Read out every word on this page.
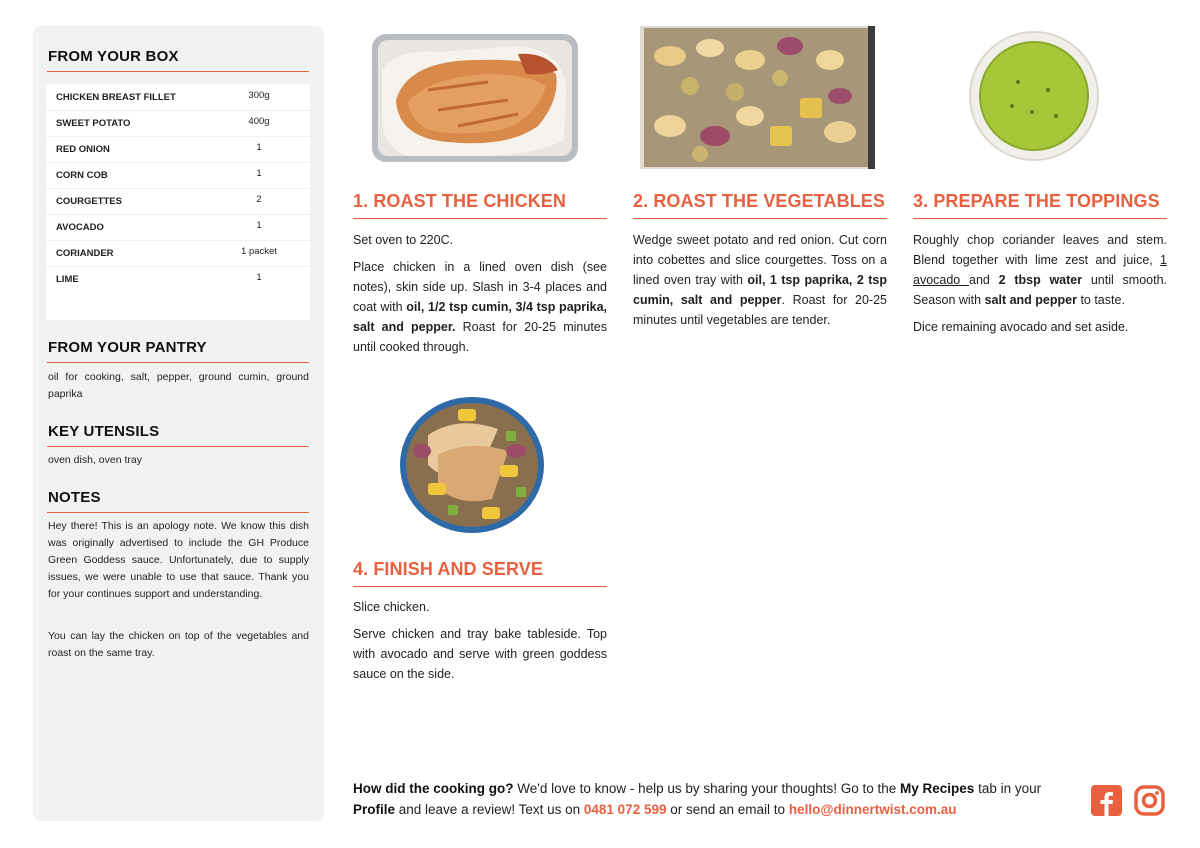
FROM YOUR BOX
CHICKEN BREAST FILLET	300g
SWEET POTATO	400g
RED ONION	1
CORN COB	1
COURGETTES	2
AVOCADO	1
CORIANDER	1 packet
LIME	1
FROM YOUR PANTRY
oil for cooking, salt, pepper, ground cumin, ground paprika
KEY UTENSILS
oven dish, oven tray
NOTES
Hey there! This is an apology note. We know this dish was originally advertised to include the GH Produce Green Goddess sauce. Unfortunately, due to supply issues, we were unable to use that sauce. Thank you for your continues support and understanding.
You can lay the chicken on top of the vegetables and roast on the same tray.
1. ROAST THE CHICKEN

Set oven to 220C.

Place chicken in a lined oven dish (see notes), skin side up. Slash in 3-4 places and coat with oil, 1/2 tsp cumin, 3/4 tsp paprika, salt and pepper. Roast for 20-25 minutes until cooked through.

2. ROAST THE VEGETABLES

Wedge sweet potato and red onion. Cut corn into cobettes and slice courgettes. Toss on a lined oven tray with oil, 1 tsp paprika, 2 tsp cumin, salt and pepper. Roast for 20-25 minutes until vegetables are tender.

3. PREPARE THE TOPPINGS

Roughly chop coriander leaves and stem. Blend together with lime zest and juice, 1 avocado and 2 tbsp water until smooth. Season with salt and pepper to taste.

Dice remaining avocado and set aside.

4. FINISH AND SERVE

Slice chicken.

Serve chicken and tray bake tableside. Top with avocado and serve with green goddess sauce on the side.

How did the cooking go? We'd love to know - help us by sharing your thoughts! Go to the My Recipes tab in your Profile and leave a review! Text us on 0481 072 599 or send an email to hello@dinnertwist.com.au
